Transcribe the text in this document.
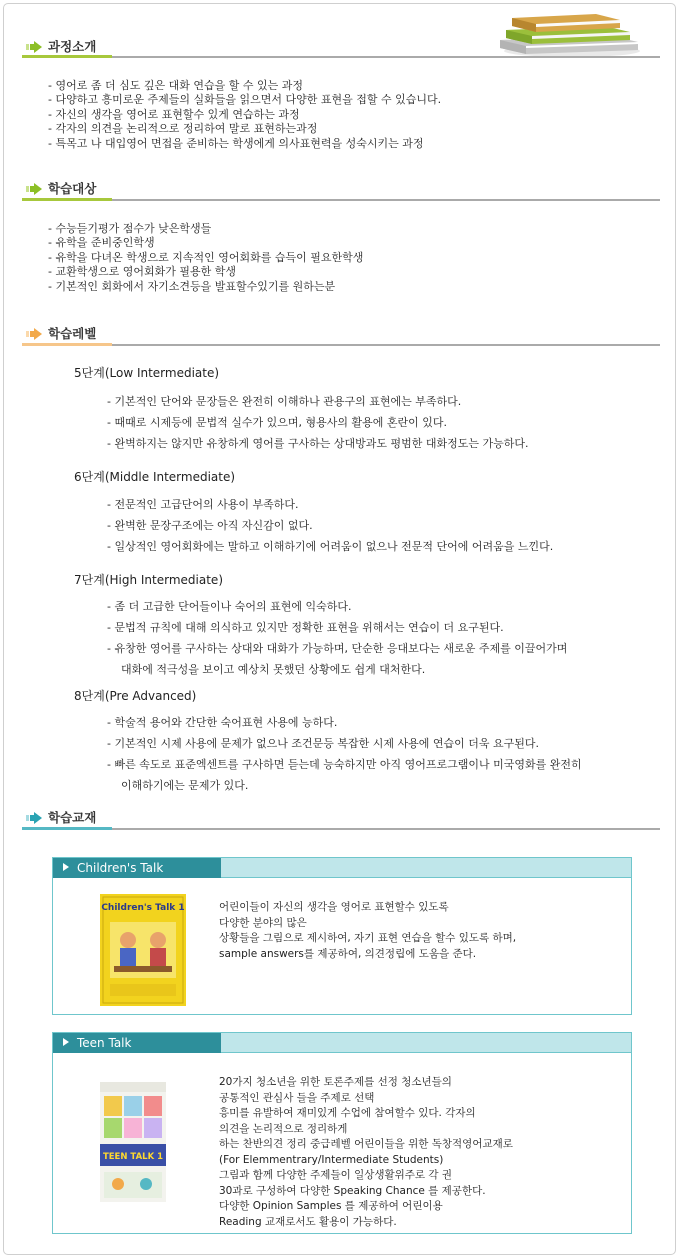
과정소개
- 영어로 좀 더 심도 깊은 대화 연습을 할 수 있는 과정
- 다양하고 흥미로운 주제들의 실화들을 읽으면서 다양한 표현을 접할 수 있습니다.
- 자신의 생각을 영어로 표현할수 있게 연습하는 과정
- 각자의 의견을 논리적으로 정리하여 말로 표현하는과정
- 특목고 나 대입영어 면접을 준비하는 학생에게 의사표현력을 성숙시키는 과정
학습대상
- 수능듣기평가 점수가 낮은학생들
- 유학을 준비중인학생
- 유학을 다녀온 학생으로 지속적인 영어회화를 습득이 필요한학생
- 교환학생으로 영어회화가 필용한 학생
- 기본적인 회화에서 자기소견등을 발표할수있기를 원하는분
학습레벨
5단계(Low Intermediate)
- 기본적인 단어와 문장들은 완전히 이해하나 관용구의 표현에는 부족하다.
- 때때로 시제등에 문법적 실수가 있으며, 형용사의 활용에 혼란이 있다.
- 완벽하지는 않지만 유창하게 영어를 구사하는 상대방과도 평범한 대화정도는 가능하다.
6단계(Middle Intermediate)
- 전문적인 고급단어의 사용이 부족하다.
- 완벽한 문장구조에는 아직 자신감이 없다.
- 일상적인 영어회화에는 말하고 이해하기에 어려움이 없으나 전문적 단어에 어려움을 느낀다.
7단계(High Intermediate)
- 좀 더 고급한 단어들이나 숙어의 표현에 익숙하다.
- 문법적 규칙에 대해 의식하고 있지만 정확한 표현을 위해서는 연습이 더 요구된다.
- 유창한 영어를 구사하는 상대와 대화가 가능하며, 단순한 응대보다는 새로운 주제를 이끌어가며
대화에 적극성을 보이고 예상치 못했던 상황에도 쉽게 대처한다.
8단계(Pre Advanced)
- 학술적 용어와 간단한 숙어표현 사용에 능하다.
- 기본적인 시제 사용에 문제가 없으나 조건문등 복잡한 시제 사용에 연습이 더욱 요구된다.
- 빠른 속도로 표준엑센트를 구사하면 듣는데 능숙하지만 아직 영어프로그램이나 미국영화를 완전히
이해하기에는 문제가 있다.
학습교재
Children's Talk
Children's Talk 1	어린이들이 자신의 생각을 영어로 표현할수 있도록
다양한 분야의 많은
상황들을 그림으로 제시하여, 자기 표현 연습을 할수 있도록 하며,
sample answers를 제공하여, 의견정립에 도움을 준다.
Teen Talk
TEEN TALK 1
20가지 청소년을 위한 토론주제를 선정 청소년들의
공통적인 관심사 들을 주제로 선택
흥미를 유발하여 재미있게 수업에 참여할수 있다. 각자의
의견을 논리적으로 정리하게
하는 찬반의견 정리 중급레벨 어린이들을 위한 독창적영어교재로
(For Elemmentrary/Intermediate Students)
그림과 함께 다양한 주제들이 일상생활위주로 각 권
30과로 구성하여 다양한 Speaking Chance 를 제공한다.
다양한 Opinion Samples 를 제공하여 어린이용
Reading 교재로서도 활용이 가능하다.
